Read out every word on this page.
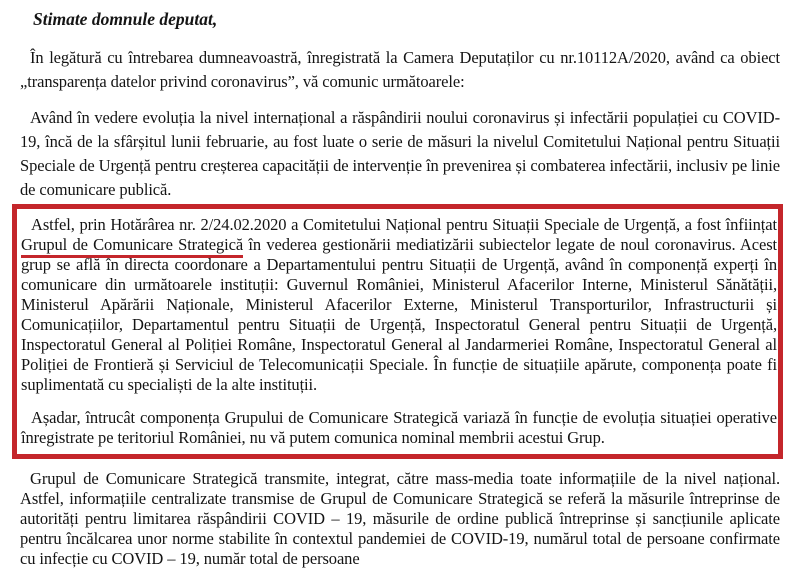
Stimate domnule deputat,

În legătură cu întrebarea dumneavoastră, înregistrată la Camera Deputaților cu nr.10112A/2020, având ca obiect „transparența datelor privind coronavirus”, vă comunic următoarele:

Având în vedere evoluția la nivel internațional a răspândirii noului coronavirus și infectării populației cu COVID-19, încă de la sfârșitul lunii februarie, au fost luate o serie de măsuri la nivelul Comitetului Național pentru Situații Speciale de Urgență pentru creșterea capacității de intervenție în prevenirea și combaterea infectării, inclusiv pe linie de comunicare publică.

Astfel, prin Hotărârea nr. 2/24.02.2020 a Comitetului Național pentru Situații Speciale de Urgență, a fost înființat Grupul de Comunicare Strategică în vederea gestionării mediatizării subiectelor legate de noul coronavirus. Acest grup se află în directa coordonare a Departamentului pentru Situații de Urgență, având în componență experți în comunicare din următoarele instituții: Guvernul României, Ministerul Afacerilor Interne, Ministerul Sănătății, Ministerul Apărării Naționale, Ministerul Afacerilor Externe, Ministerul Transporturilor, Infrastructurii și Comunicațiilor, Departamentul pentru Situații de Urgență, Inspectoratul General pentru Situații de Urgență, Inspectoratul General al Poliției Române, Inspectoratul General al Jandarmeriei Române, Inspectoratul General al Poliției de Frontieră și Serviciul de Telecomunicații Speciale. În funcție de situațiile apărute, componența poate fi suplimentată cu specialiști de la alte instituții.

Așadar, întrucât componența Grupului de Comunicare Strategică variază în funcție de evoluția situației operative înregistrate pe teritoriul României, nu vă putem comunica nominal membrii acestui Grup.

Grupul de Comunicare Strategică transmite, integrat, către mass-media toate informațiile de la nivel național. Astfel, informațiile centralizate transmise de Grupul de Comunicare Strategică se referă la măsurile întreprinse de autorități pentru limitarea răspândirii COVID – 19, măsurile de ordine publică întreprinse și sancțiunile aplicate pentru încălcarea unor norme stabilite în contextul pandemiei de COVID-19, numărul total de persoane confirmate cu infecție cu COVID – 19, număr total de persoane
